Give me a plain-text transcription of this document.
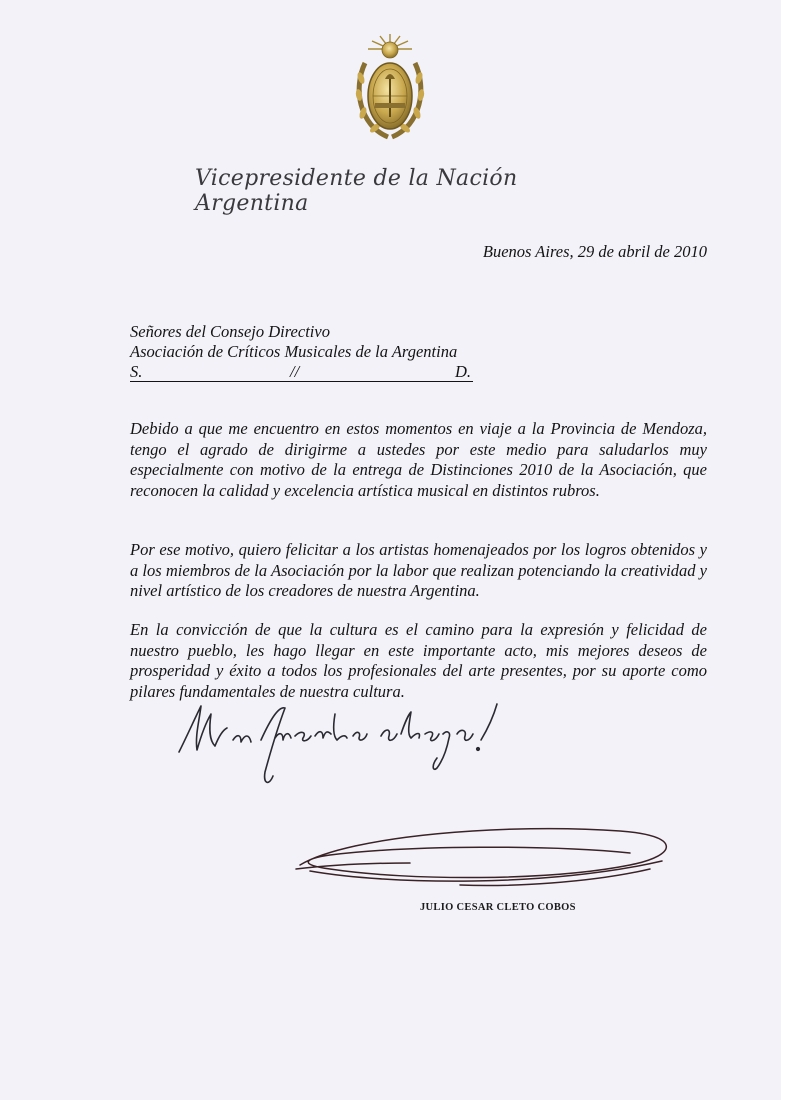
Vicepresidente de la Nación Argentina
Buenos Aires, 29 de abril de 2010
Señores del Consejo Directivo
Asociación de Críticos Musicales de la Argentina
S.	//	D.

Debido a que me encuentro en estos momentos en viaje a la Provincia de Mendoza, tengo el agrado de dirigirme a ustedes por este medio para saludarlos muy especialmente con motivo de la entrega de Distinciones 2010 de la Asociación, que reconocen la calidad y excelencia artística musical en distintos rubros.

Por ese motivo, quiero felicitar a los artistas homenajeados por los logros obtenidos y a los miembros de la Asociación por la labor que realizan potenciando la creatividad y nivel artístico de los creadores de nuestra Argentina.

En la convicción de que la cultura es el camino para la expresión y felicidad de nuestro pueblo, les hago llegar en este importante acto, mis mejores deseos de prosperidad y éxito a todos los profesionales del arte presentes, por su aporte como pilares fundamentales de nuestra cultura.

JULIO CESAR CLETO COBOS
